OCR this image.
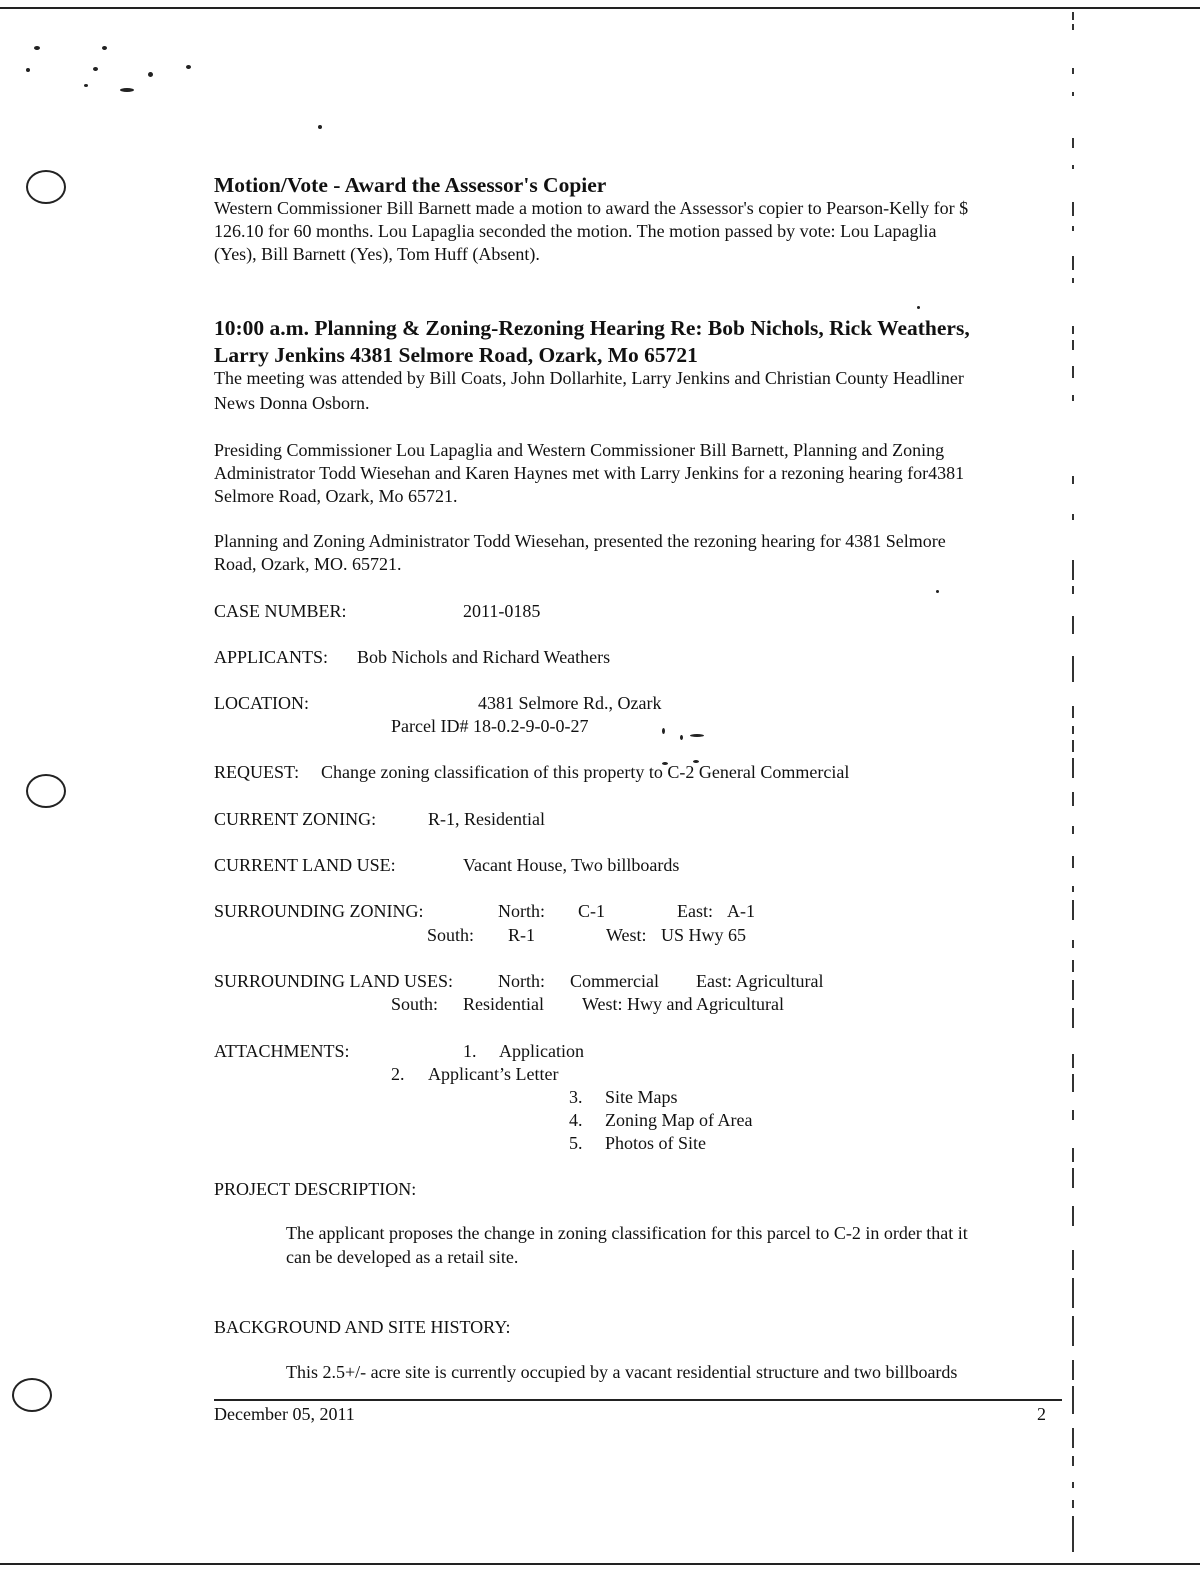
Motion/Vote - Award the Assessor's Copier
Western Commissioner Bill Barnett made a motion to award the Assessor's copier to Pearson-Kelly for $
126.10 for 60 months. Lou Lapaglia seconded the motion. The motion passed by vote: Lou Lapaglia
(Yes), Bill Barnett (Yes), Tom Huff (Absent).
10:00 a.m. Planning & Zoning-Rezoning Hearing Re: Bob Nichols, Rick Weathers,
Larry Jenkins 4381 Selmore Road, Ozark, Mo 65721
The meeting was attended by Bill Coats, John Dollarhite, Larry Jenkins and Christian County Headliner
News Donna Osborn.
Presiding Commissioner Lou Lapaglia and Western Commissioner Bill Barnett, Planning and Zoning
Administrator Todd Wiesehan and Karen Haynes met with Larry Jenkins for a rezoning hearing for4381
Selmore Road, Ozark, Mo 65721.
Planning and Zoning Administrator Todd Wiesehan, presented the rezoning hearing for 4381 Selmore
Road, Ozark, MO. 65721.
CASE NUMBER:	2011-0185
APPLICANTS: Bob Nichols and Richard Weathers
LOCATION:	4381 Selmore Rd., Ozark
Parcel ID# 18-0.2-9-0-0-27
REQUEST: Change zoning classification of this property to C-2 General Commercial
CURRENT ZONING:	R-1, Residential
CURRENT LAND USE:	Vacant House, Two billboards
SURROUNDING ZONING:	North: C-1	East: A-1
South: R-1	West: US Hwy 65
SURROUNDING LAND USES: North: Commercial East: Agricultural
South: Residential West: Hwy and Agricultural
ATTACHMENTS:	1. Application
2. Applicant’s Letter
3. Site Maps
4. Zoning Map of Area
5. Photos of Site
PROJECT DESCRIPTION:
The applicant proposes the change in zoning classification for this parcel to C-2 in order that it
can be developed as a retail site.
BACKGROUND AND SITE HISTORY:
This 2.5+/- acre site is currently occupied by a vacant residential structure and two billboards
December 05, 2011	2
